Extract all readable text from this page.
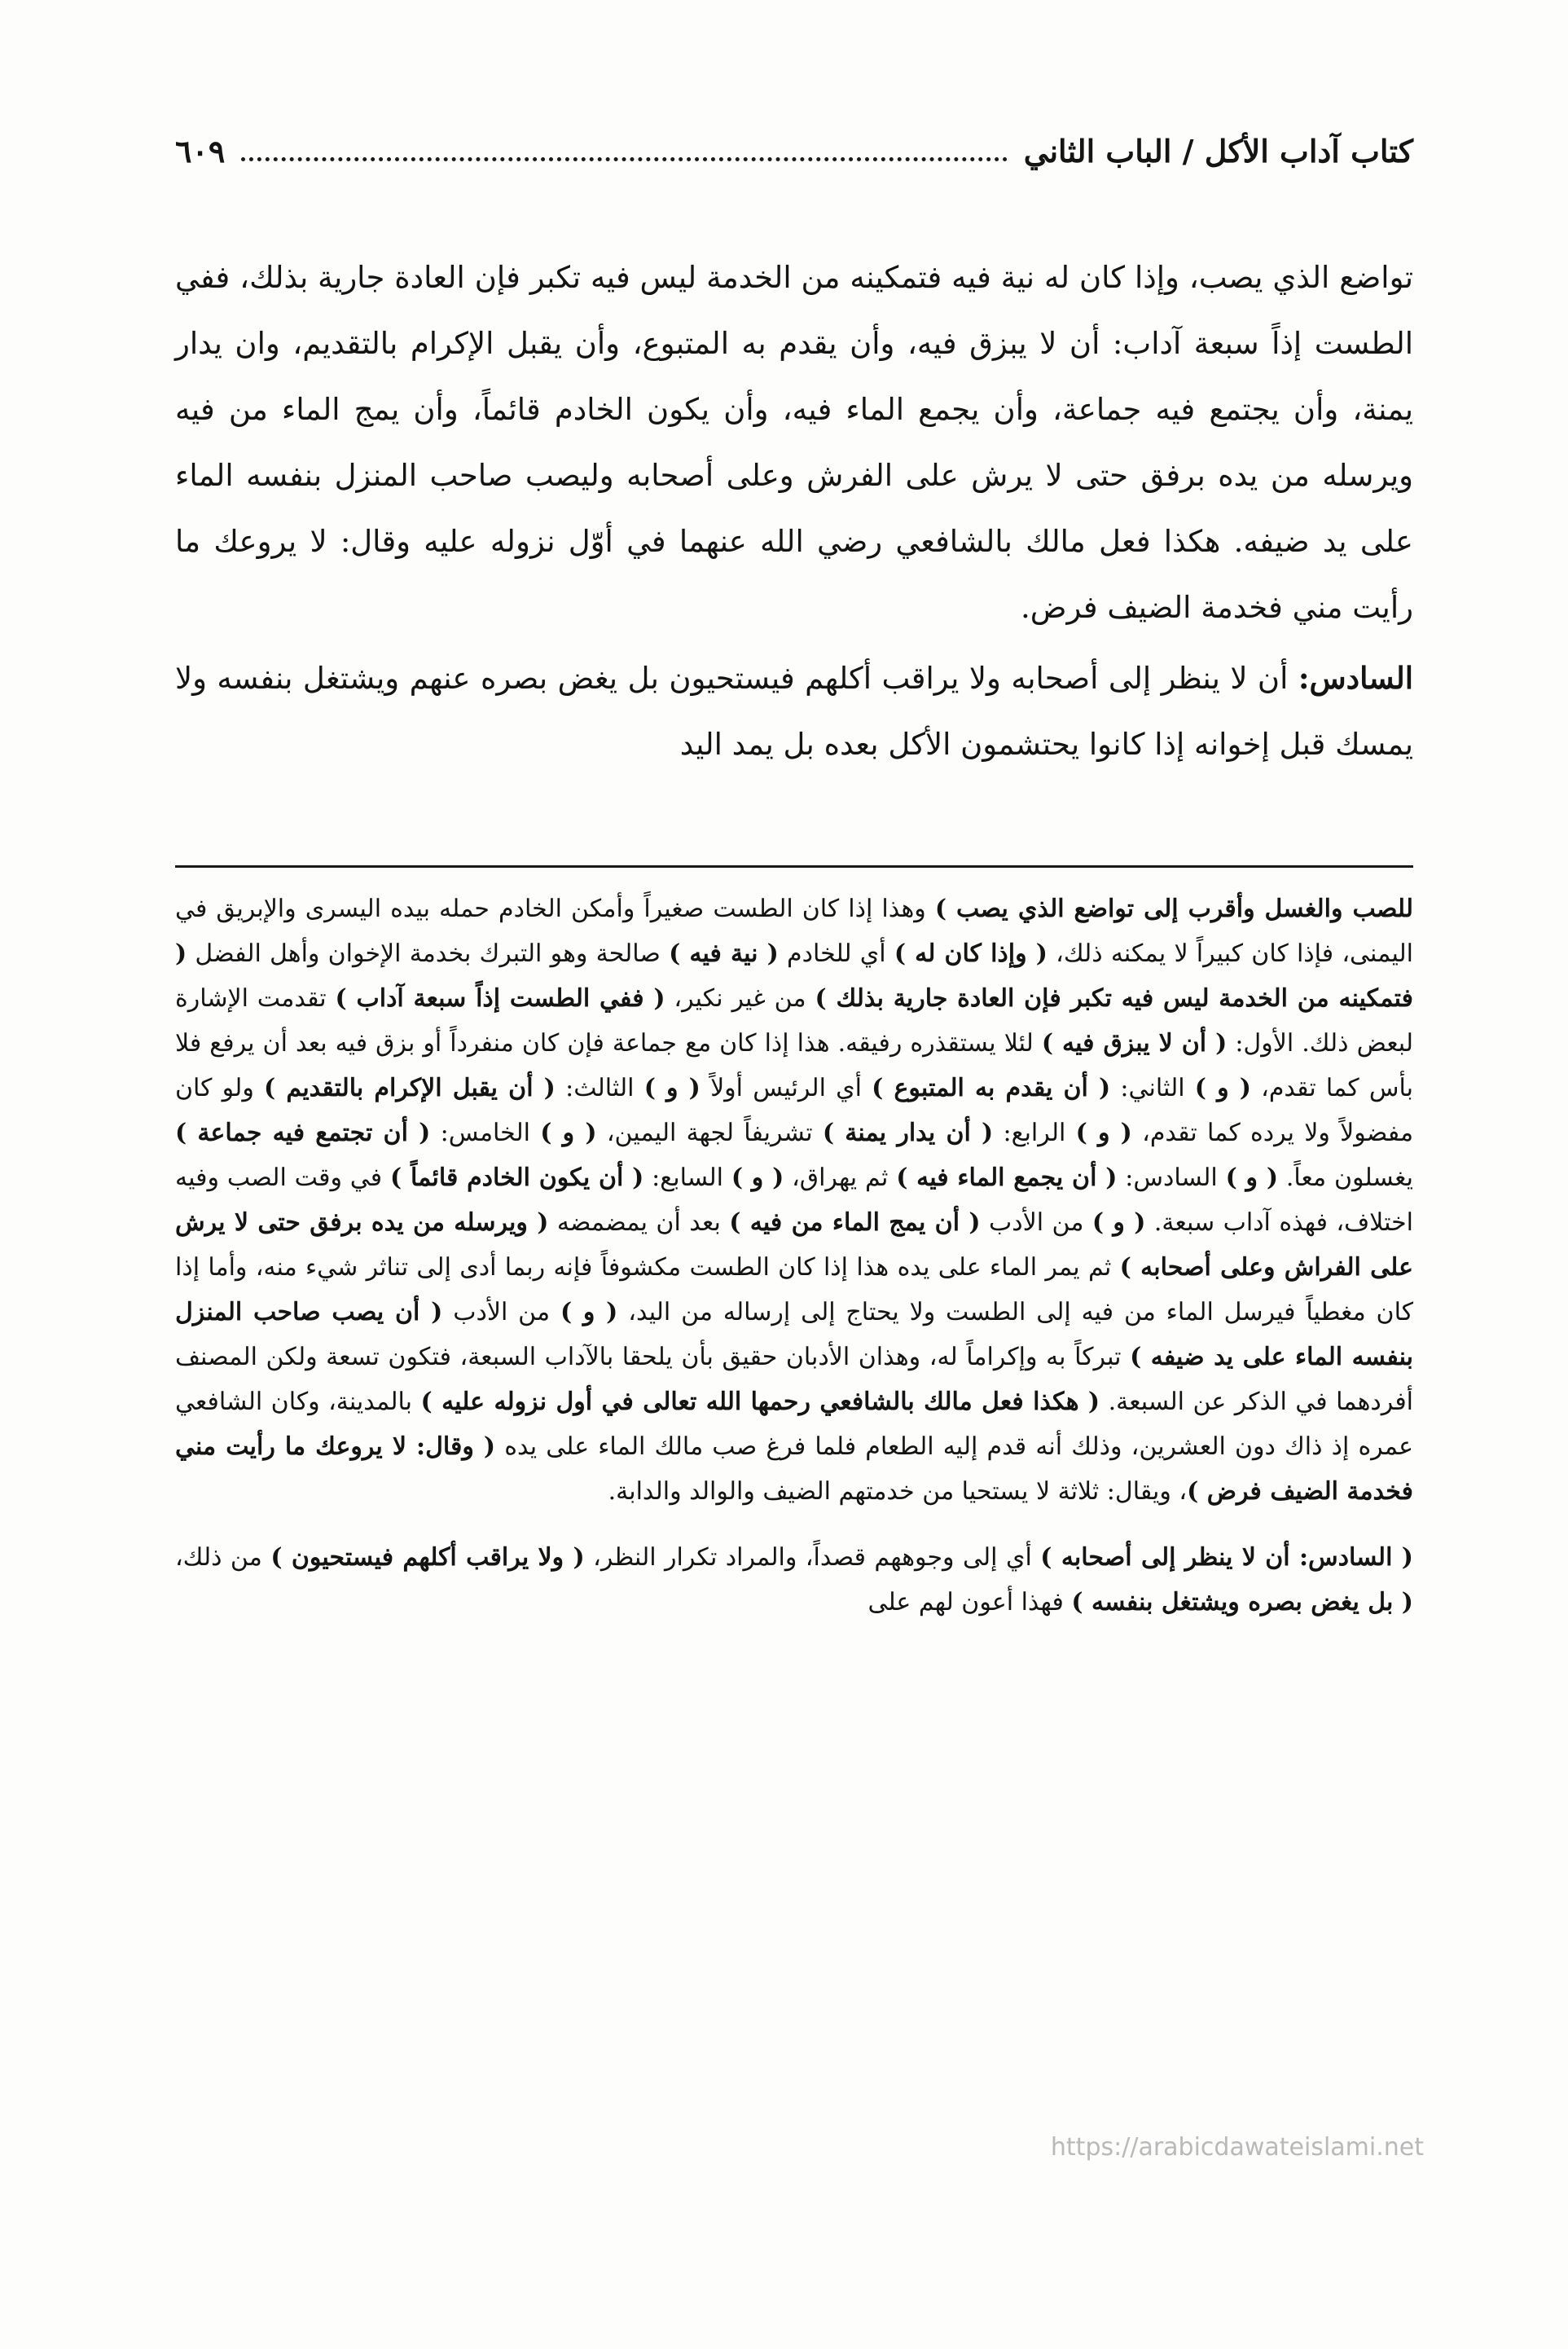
كتاب آداب الأكل / الباب الثاني
٦٠٩

تواضع الذي يصب، وإذا كان له نية فيه فتمكينه من الخدمة ليس فيه تكبر فإن العادة جارية بذلك، ففي الطست إذاً سبعة آداب: أن لا يبزق فيه، وأن يقدم به المتبوع، وأن يقبل الإكرام بالتقديم، وان يدار يمنة، وأن يجتمع فيه جماعة، وأن يجمع الماء فيه، وأن يكون الخادم قائماً، وأن يمج الماء من فيه ويرسله من يده برفق حتى لا يرش على الفرش وعلى أصحابه وليصب صاحب المنزل بنفسه الماء على يد ضيفه. هكذا فعل مالك بالشافعي رضي الله عنهما في أوّل نزوله عليه وقال: لا يروعك ما رأيت مني فخدمة الضيف فرض.

السادس: أن لا ينظر إلى أصحابه ولا يراقب أكلهم فيستحيون بل يغض بصره عنهم ويشتغل بنفسه ولا يمسك قبل إخوانه إذا كانوا يحتشمون الأكل بعده بل يمد اليد

للصب والغسل وأقرب إلى تواضع الذي يصب ) وهذا إذا كان الطست صغيراً وأمكن الخادم حمله بيده اليسرى والإبريق في اليمنى، فإذا كان كبيراً لا يمكنه ذلك، ( وإذا كان له ) أي للخادم ( نية فيه ) صالحة وهو التبرك بخدمة الإخوان وأهل الفضل ( فتمكينه من الخدمة ليس فيه تكبر فإن العادة جارية بذلك ) من غير نكير، ( ففي الطست إذاً سبعة آداب ) تقدمت الإشارة لبعض ذلك. الأول: ( أن لا يبزق فيه ) لئلا يستقذره رفيقه. هذا إذا كان مع جماعة فإن كان منفرداً أو بزق فيه بعد أن يرفع فلا بأس كما تقدم، ( و ) الثاني: ( أن يقدم به المتبوع ) أي الرئيس أولاً ( و ) الثالث: ( أن يقبل الإكرام بالتقديم ) ولو كان مفضولاً ولا يرده كما تقدم، ( و ) الرابع: ( أن يدار يمنة ) تشريفاً لجهة اليمين، ( و ) الخامس: ( أن تجتمع فيه جماعة ) يغسلون معاً. ( و ) السادس: ( أن يجمع الماء فيه ) ثم يهراق، ( و ) السابع: ( أن يكون الخادم قائماً ) في وقت الصب وفيه اختلاف، فهذه آداب سبعة. ( و ) من الأدب ( أن يمج الماء من فيه ) بعد أن يمضمضه ( ويرسله من يده برفق حتى لا يرش على الفراش وعلى أصحابه ) ثم يمر الماء على يده هذا إذا كان الطست مكشوفاً فإنه ربما أدى إلى تناثر شيء منه، وأما إذا كان مغطياً فيرسل الماء من فيه إلى الطست ولا يحتاج إلى إرساله من اليد، ( و ) من الأدب ( أن يصب صاحب المنزل بنفسه الماء على يد ضيفه ) تبركاً به وإكراماً له، وهذان الأدبان حقيق بأن يلحقا بالآداب السبعة، فتكون تسعة ولكن المصنف أفردهما في الذكر عن السبعة. ( هكذا فعل مالك بالشافعي رحمها الله تعالى في أول نزوله عليه ) بالمدينة، وكان الشافعي عمره إذ ذاك دون العشرين، وذلك أنه قدم إليه الطعام فلما فرغ صب مالك الماء على يده ( وقال: لا يروعك ما رأيت مني فخدمة الضيف فرض )، ويقال: ثلاثة لا يستحيا من خدمتهم الضيف والوالد والدابة.

( السادس: أن لا ينظر إلى أصحابه ) أي إلى وجوههم قصداً، والمراد تكرار النظر، ( ولا يراقب أكلهم فيستحيون ) من ذلك، ( بل يغض بصره ويشتغل بنفسه ) فهذا أعون لهم على

https://arabicdawateislami.net
